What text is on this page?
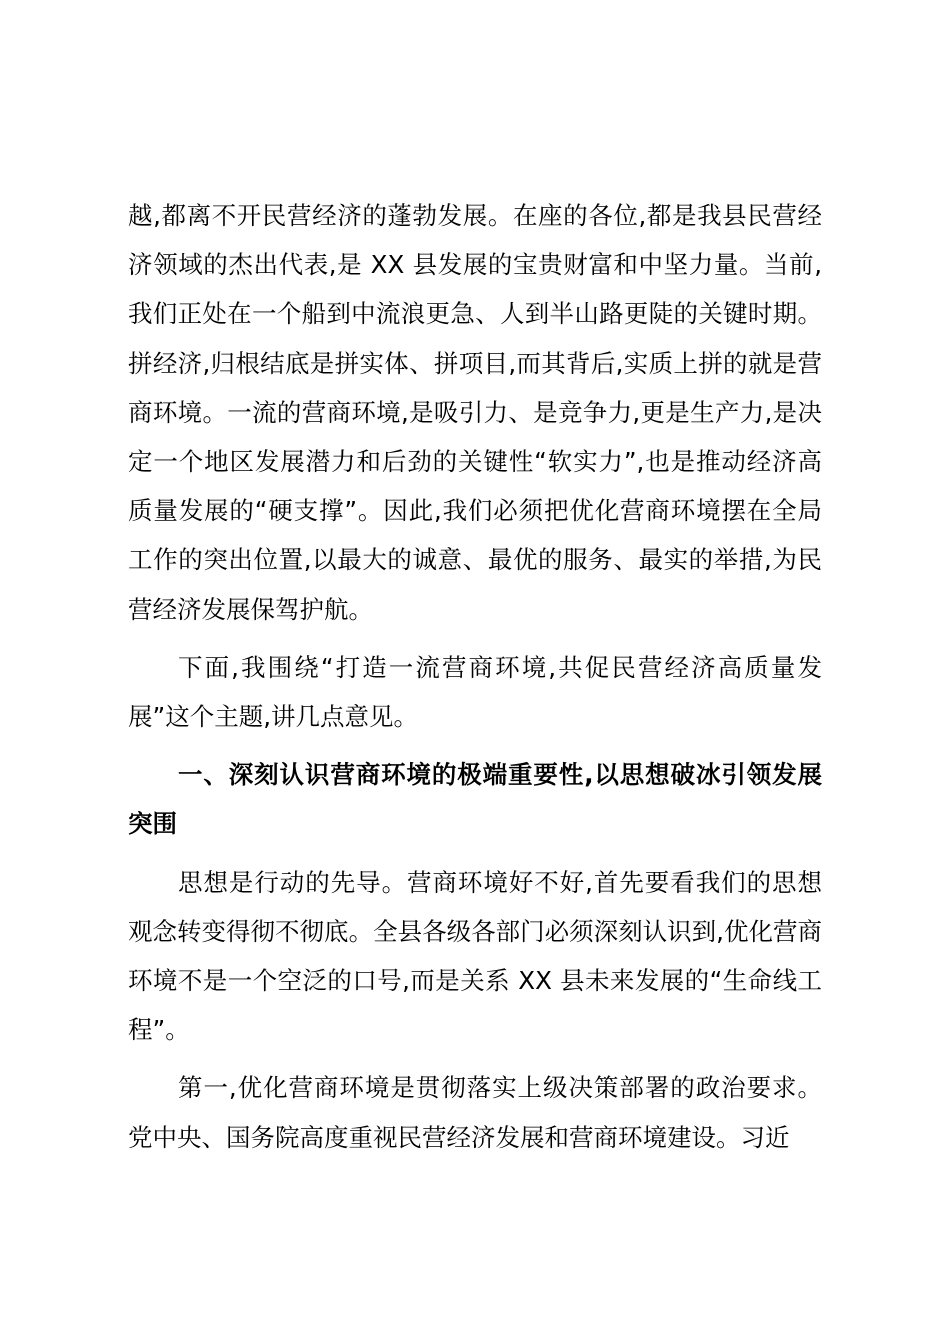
越,都离不开民营经济的蓬勃发展。在座的各位,都是我县民营经济领域的杰出代表,是 XX 县发展的宝贵财富和中坚力量。当前,我们正处在一个船到中流浪更急、人到半山路更陡的关键时期。拼经济,归根结底是拼实体、拼项目,而其背后,实质上拼的就是营商环境。一流的营商环境,是吸引力、是竞争力,更是生产力,是决定一个地区发展潜力和后劲的关键性“软实力”,也是推动经济高质量发展的“硬支撑”。因此,我们必须把优化营商环境摆在全局工作的突出位置,以最大的诚意、最优的服务、最实的举措,为民营经济发展保驾护航。

下面,我围绕“打造一流营商环境,共促民营经济高质量发展”这个主题,讲几点意见。

一、深刻认识营商环境的极端重要性,以思想破冰引领发展突围

思想是行动的先导。营商环境好不好,首先要看我们的思想观念转变得彻不彻底。全县各级各部门必须深刻认识到,优化营商环境不是一个空泛的口号,而是关系 XX 县未来发展的“生命线工程”。

第一,优化营商环境是贯彻落实上级决策部署的政治要求。党中央、国务院高度重视民营经济发展和营商环境建设。习近
